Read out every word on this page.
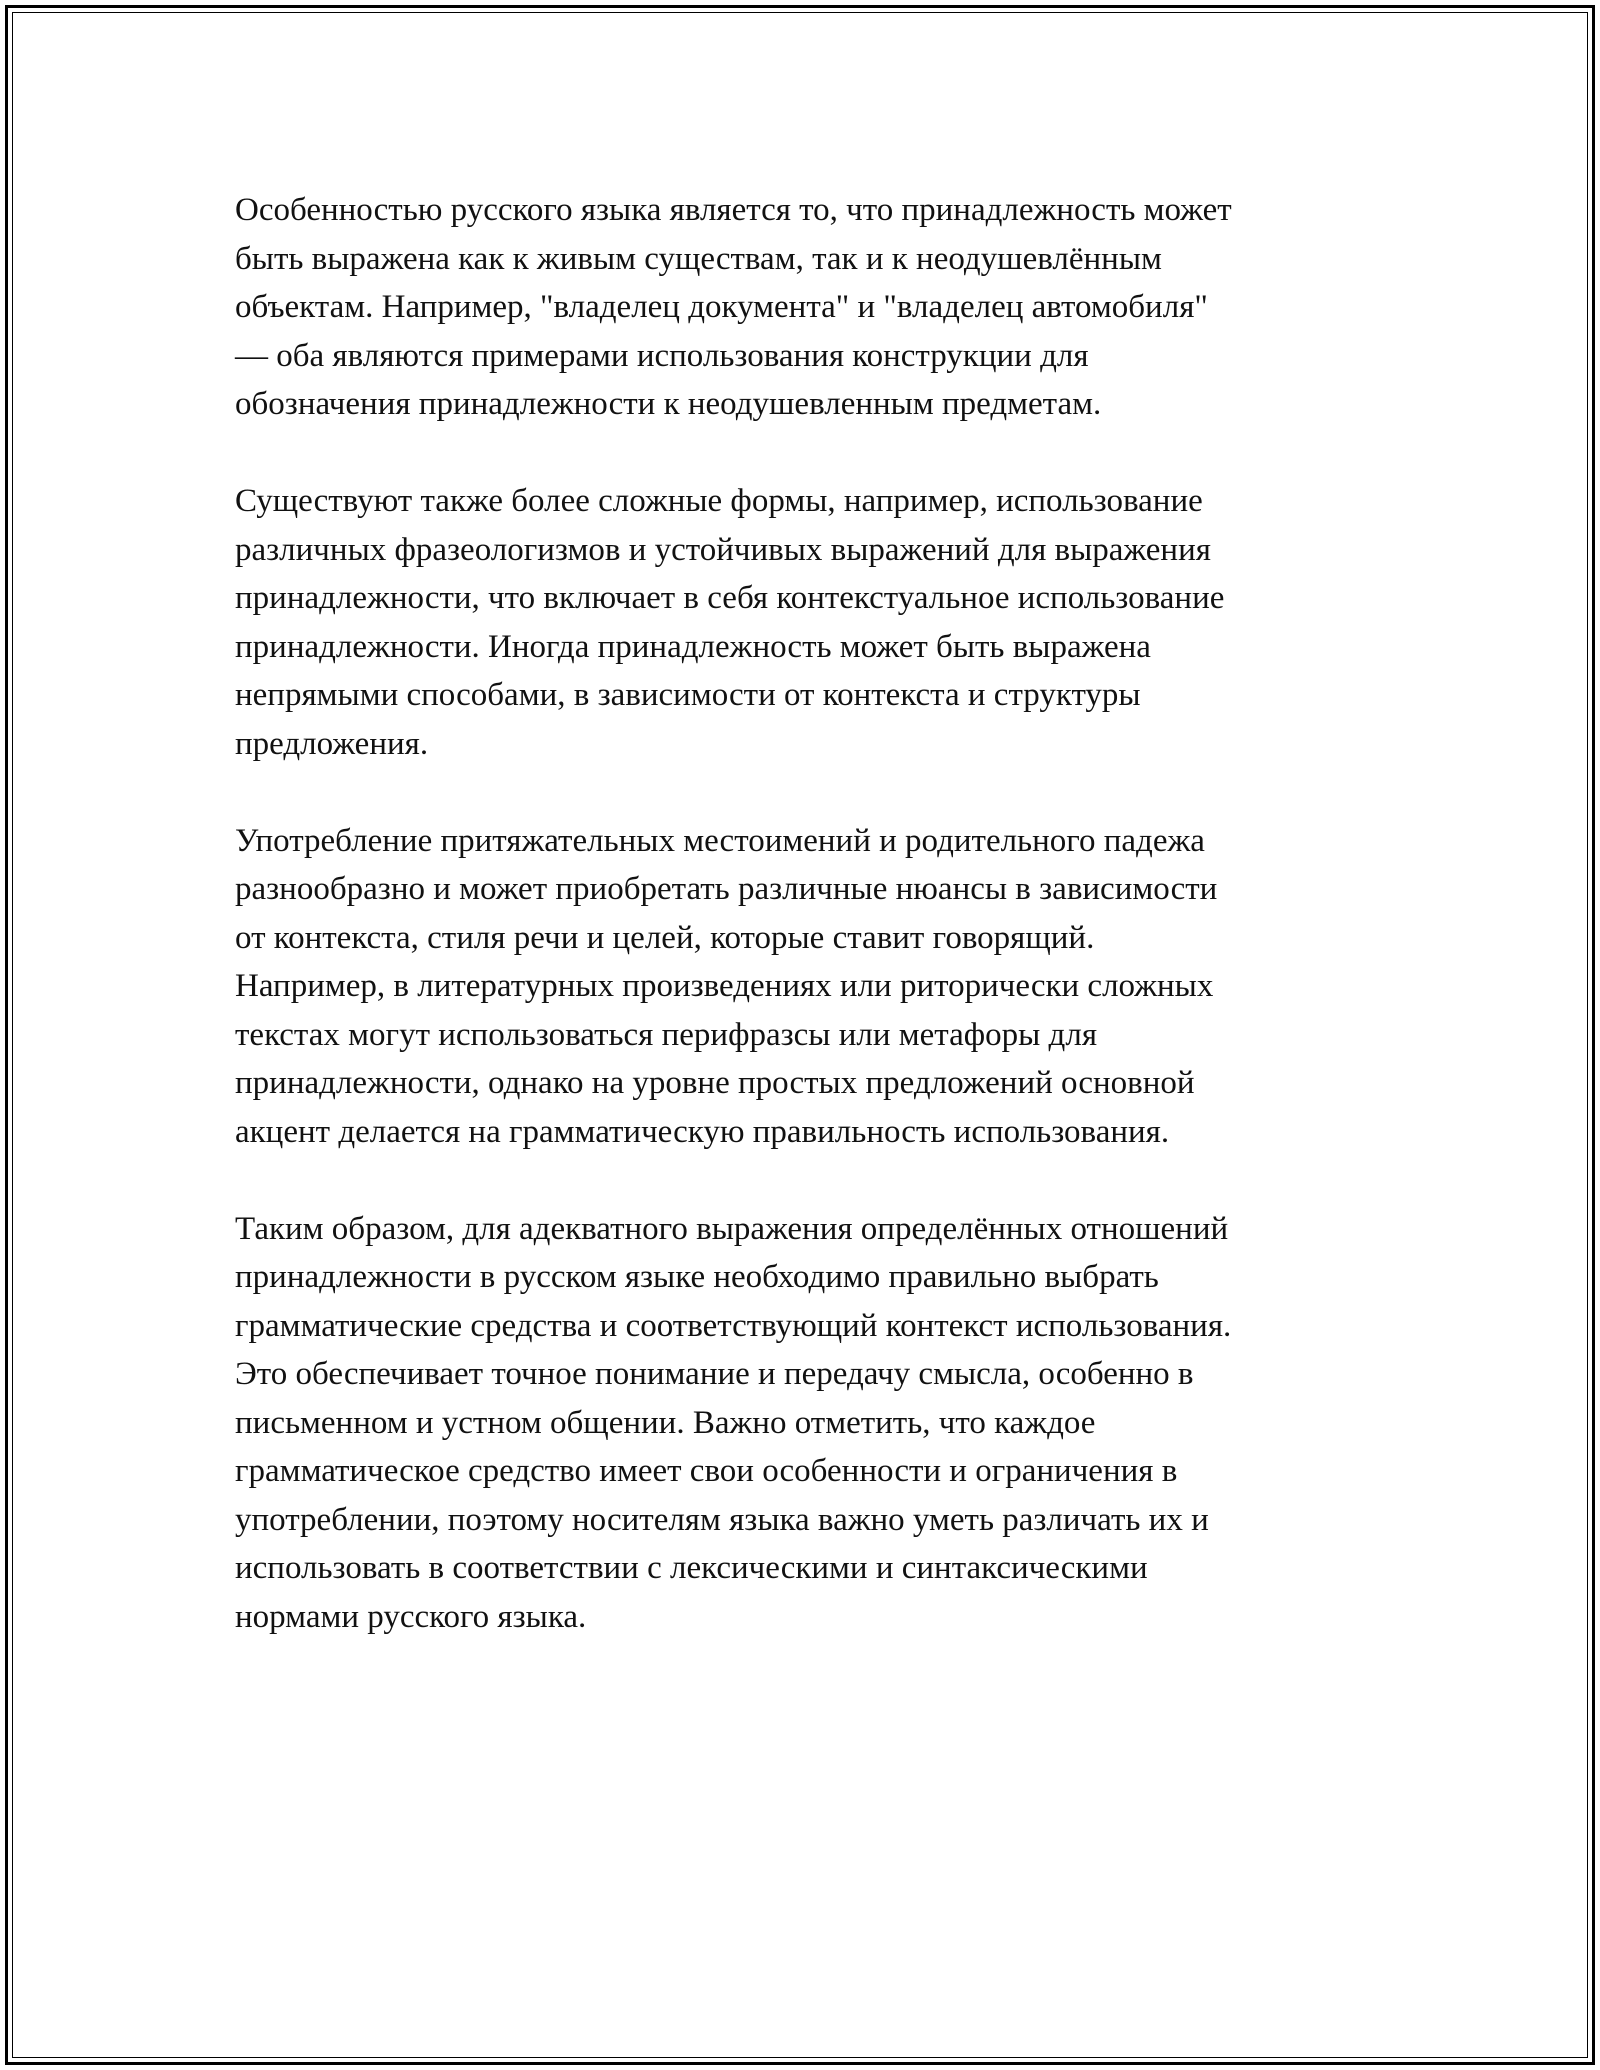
Особенностью русского языка является то, что принадлежность может
быть выражена как к живым существам, так и к неодушевлённым
объектам. Например, "владелец документа" и "владелец автомобиля"
— оба являются примерами использования конструкции для
обозначения принадлежности к неодушевленным предметам.

Существуют также более сложные формы, например, использование
различных фразеологизмов и устойчивых выражений для выражения
принадлежности, что включает в себя контекстуальное использование
принадлежности. Иногда принадлежность может быть выражена
непрямыми способами, в зависимости от контекста и структуры
предложения.

Употребление притяжательных местоимений и родительного падежа
разнообразно и может приобретать различные нюансы в зависимости
от контекста, стиля речи и целей, которые ставит говорящий.
Например, в литературных произведениях или риторически сложных
текстах могут использоваться перифразсы или метафоры для
принадлежности, однако на уровне простых предложений основной
акцент делается на грамматическую правильность использования.

Таким образом, для адекватного выражения определённых отношений
принадлежности в русском языке необходимо правильно выбрать
грамматические средства и соответствующий контекст использования.
Это обеспечивает точное понимание и передачу смысла, особенно в
письменном и устном общении. Важно отметить, что каждое
грамматическое средство имеет свои особенности и ограничения в
употреблении, поэтому носителям языка важно уметь различать их и
использовать в соответствии с лексическими и синтаксическими
нормами русского языка.
